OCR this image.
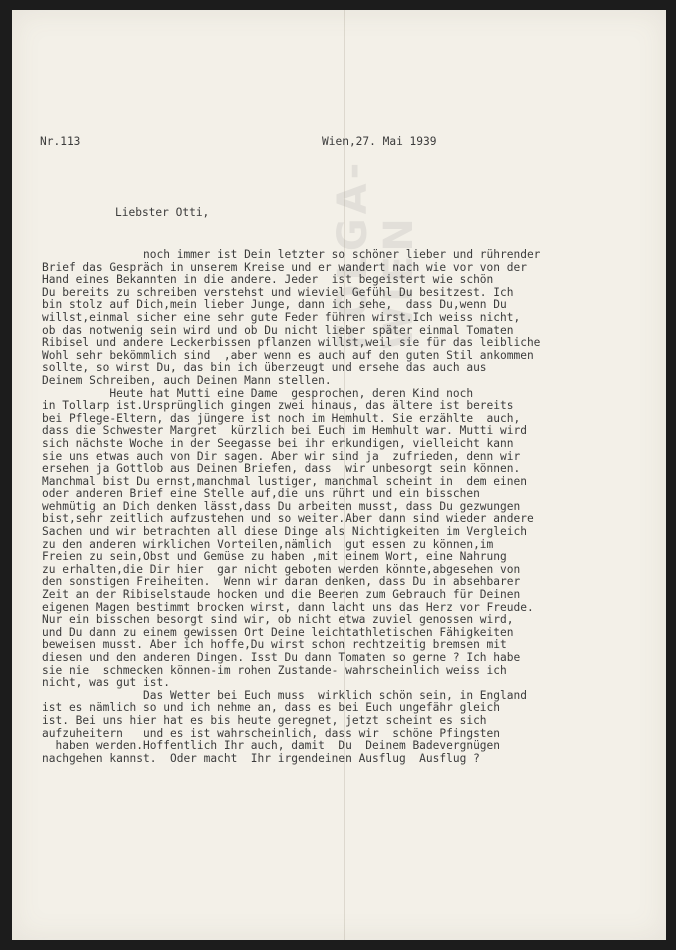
FOLGA-WIEN
Nr.113	Wien,27. Mai 1939
Liebster Otti,
noch immer ist Dein letzter so schöner lieber und rührender
Brief das Gespräch in unserem Kreise und er wandert nach wie vor von der
Hand eines Bekannten in die andere. Jeder  ist begeistert wie schön
Du bereits zu schreiben verstehst und wieviel Gefühl Du besitzest. Ich
bin stolz auf Dich,mein lieber Junge, dann ich sehe,  dass Du,wenn Du
willst,einmal sicher eine sehr gute Feder führen wirst.Ich weiss nicht,
ob das notwenig sein wird und ob Du nicht lieber später einmal Tomaten
Ribisel und andere Leckerbissen pflanzen willst,weil sie für das leibliche
Wohl sehr bekömmlich sind  ,aber wenn es auch auf den guten Stil ankommen
sollte, so wirst Du, das bin ich überzeugt und ersehe das auch aus
Deinem Schreiben, auch Deinen Mann stellen.
Heute hat Mutti eine Dame  gesprochen, deren Kind noch
in Tollarp ist.Ursprünglich gingen zwei hinaus, das ältere ist bereits
bei Pflege-Eltern, das jüngere ist noch im Hemhult. Sie erzählte  auch,
dass die Schwester Margret  kürzlich bei Euch im Hemhult war. Mutti wird
sich nächste Woche in der Seegasse bei ihr erkundigen, vielleicht kann
sie uns etwas auch von Dir sagen. Aber wir sind ja  zufrieden, denn wir
ersehen ja Gottlob aus Deinen Briefen, dass  wir unbesorgt sein können.
Manchmal bist Du ernst,manchmal lustiger, manchmal scheint in  dem einen
oder anderen Brief eine Stelle auf,die uns rührt und ein bisschen
wehmütig an Dich denken lässt,dass Du arbeiten musst, dass Du gezwungen
bist,sehr zeitlich aufzustehen und so weiter.Aber dann sind wieder andere
Sachen und wir betrachten all diese Dinge als Nichtigkeiten im Vergleich
zu den anderen wirklichen Vorteilen,nämlich  gut essen zu können,im
Freien zu sein,Obst und Gemüse zu haben ,mit einem Wort, eine Nahrung
zu erhalten,die Dir hier  gar nicht geboten werden könnte,abgesehen von
den sonstigen Freiheiten.  Wenn wir daran denken, dass Du in absehbarer
Zeit an der Ribiselstaude hocken und die Beeren zum Gebrauch für Deinen
eigenen Magen bestimmt brocken wirst, dann lacht uns das Herz vor Freude.
Nur ein bisschen besorgt sind wir, ob nicht etwa zuviel genossen wird,
und Du dann zu einem gewissen Ort Deine leichtathletischen Fähigkeiten
beweisen musst. Aber ich hoffe,Du wirst schon rechtzeitig bremsen mit
diesen und den anderen Dingen. Isst Du dann Tomaten so gerne ? Ich habe
sie nie  schmecken können-im rohen Zustande- wahrscheinlich weiss ich
nicht, was gut ist.
Das Wetter bei Euch muss  wirklich schön sein, in England
ist es nämlich so und ich nehme an, dass es bei Euch ungefähr gleich
ist. Bei uns hier hat es bis heute geregnet, jetzt scheint es sich
aufzuheitern   und es ist wahrscheinlich, dass wir  schöne Pfingsten
haben werden.Hoffentlich Ihr auch, damit  Du  Deinem Badevergnügen
nachgehen kannst.  Oder macht  Ihr irgendeinen Ausflug  Ausflug ?
